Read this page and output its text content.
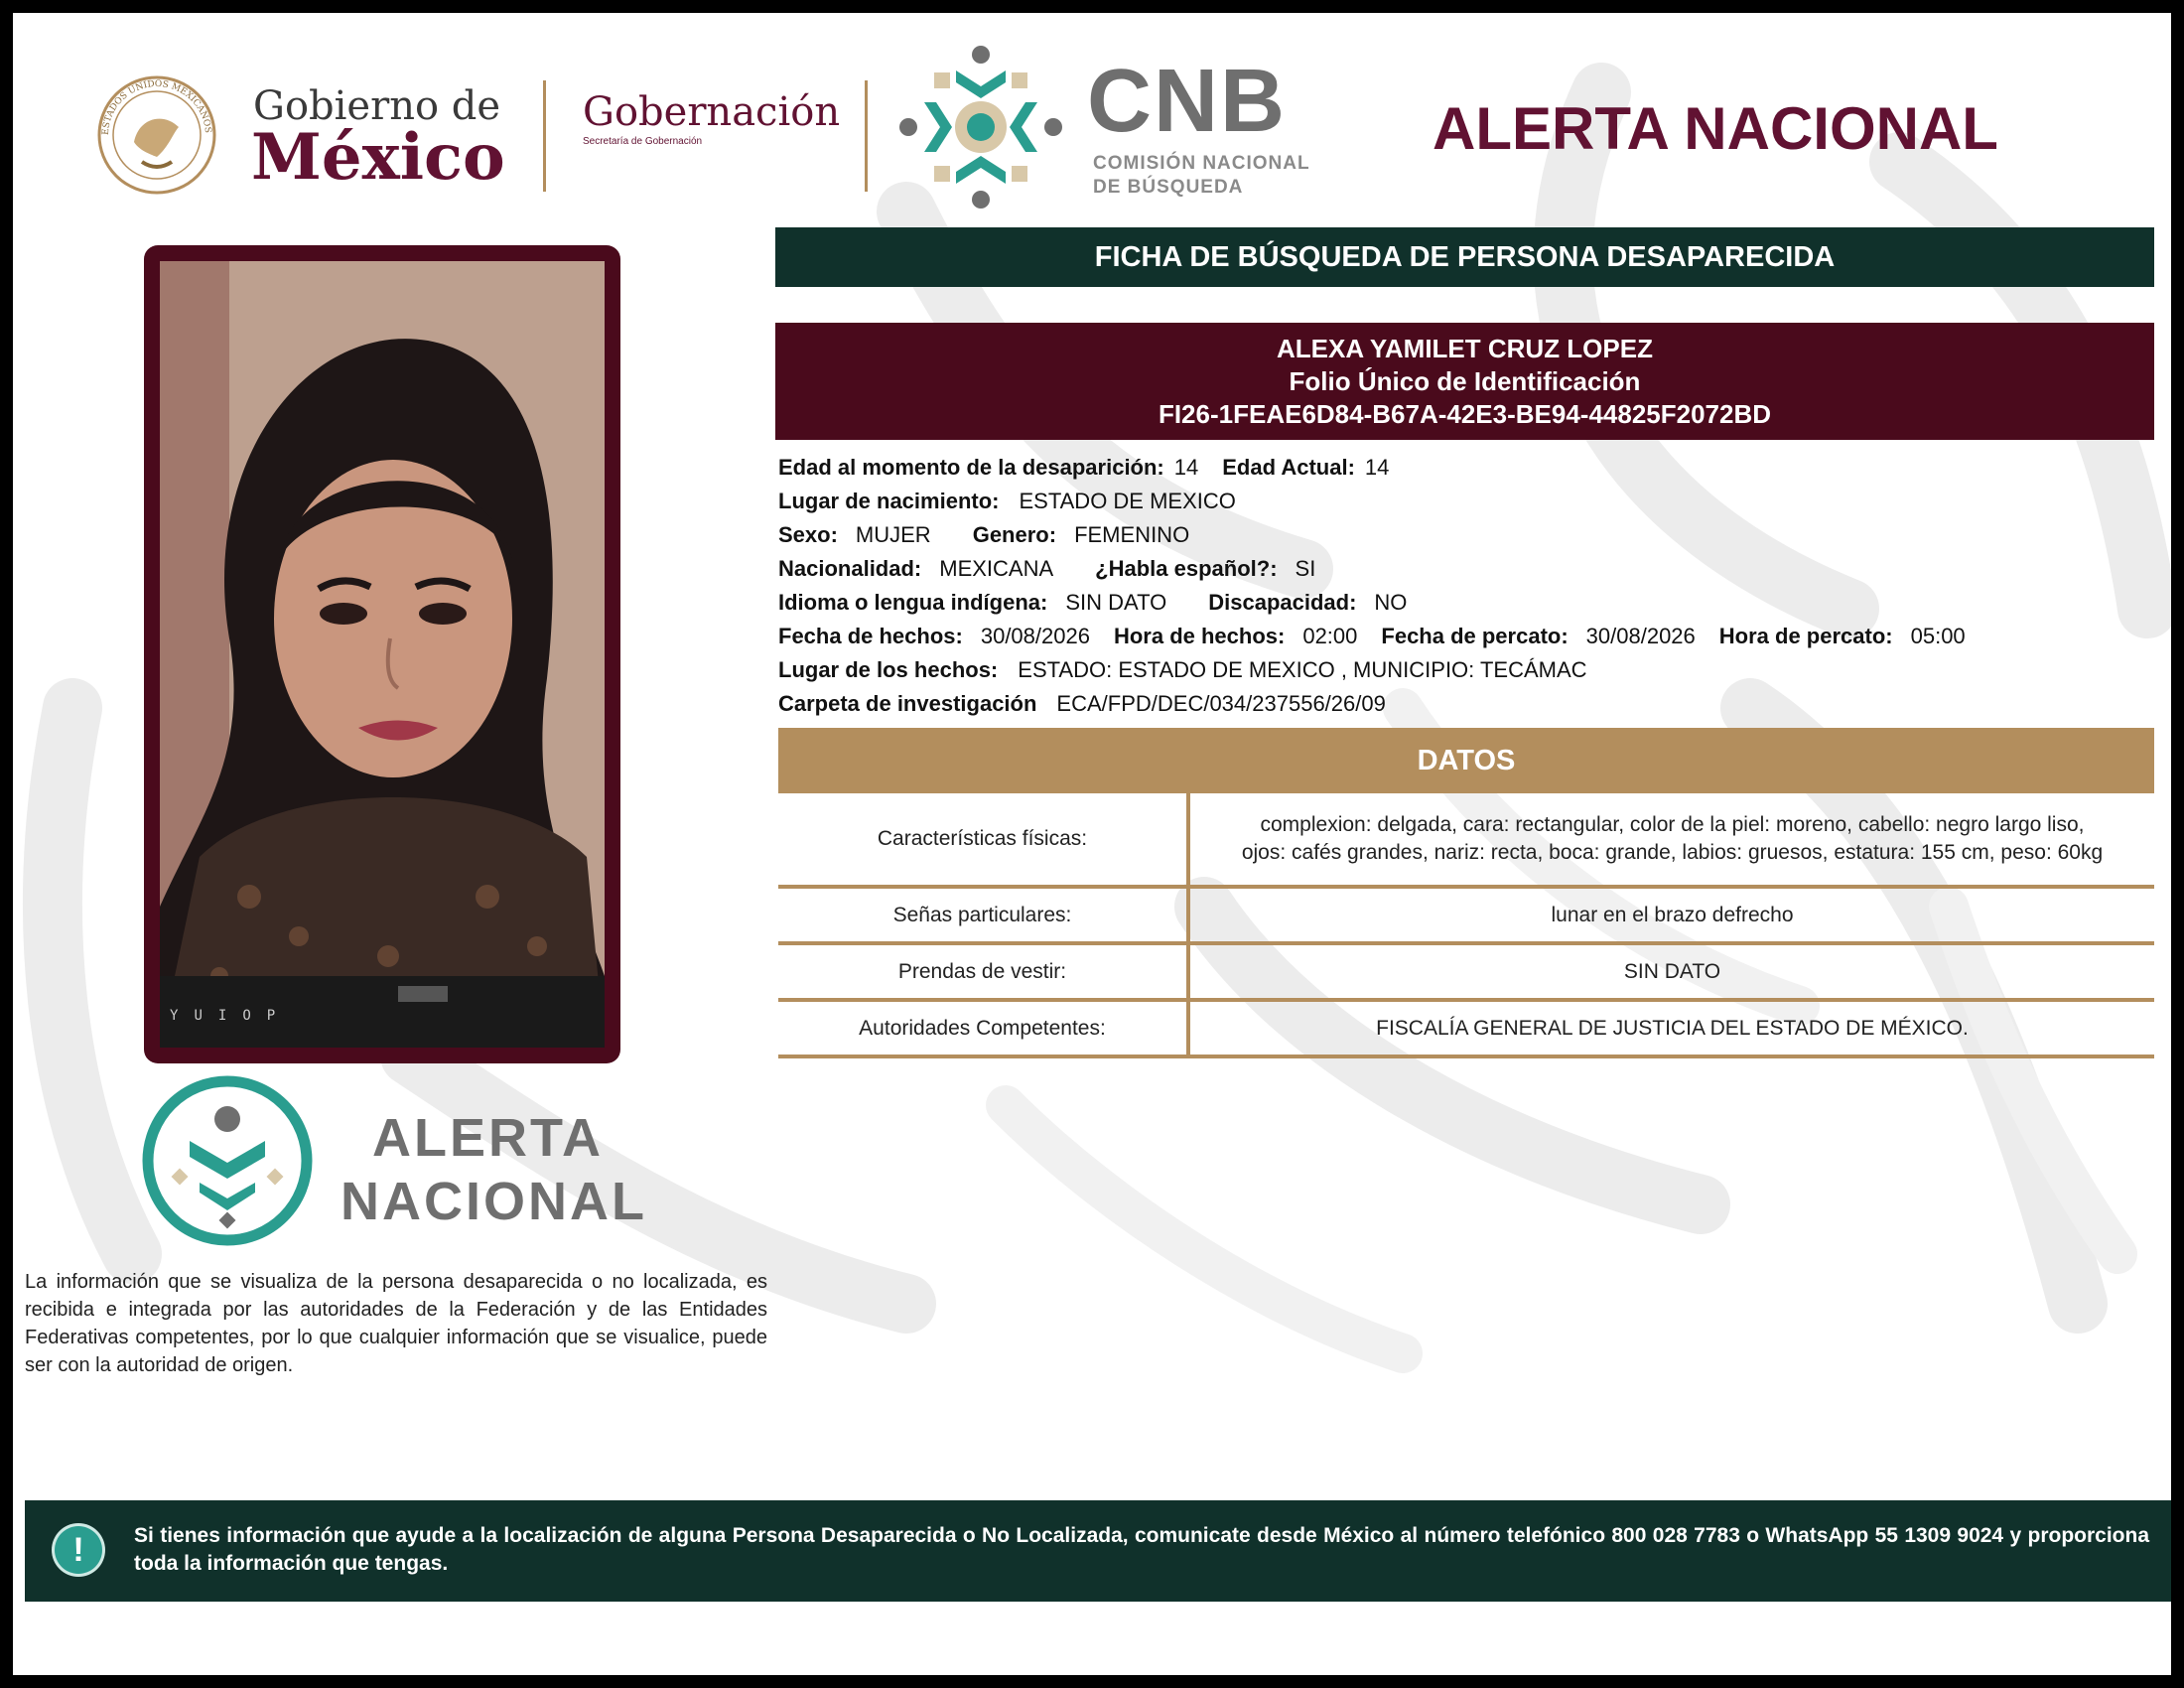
ESTADOS UNIDOS MEXICANOS
Gobierno de
México
Gobernación
Secretaría de Gobernación	CNB
COMISIÓN NACIONAL
DE BÚSQUEDA
ALERTA NACIONAL
Y U I O P
ALERTA
NACIONAL
La información que se visualiza de la persona desaparecida o no localizada, es recibida e integrada por las autoridades de la Federación y de las Entidades Federativas competentes, por lo que cualquier información que se visualice, puede ser con la autoridad de origen.
FICHA DE BÚSQUEDA DE PERSONA DESAPARECIDA
ALEXA YAMILET CRUZ LOPEZ
Folio Único de Identificación
FI26-1FEAE6D84-B67A-42E3-BE94-44825F2072BD
Edad al momento de la desaparición: 14 Edad Actual: 14
Lugar de nacimiento: ESTADO DE MEXICO
Sexo: MUJER Genero: FEMENINO
Nacionalidad: MEXICANA ¿Habla español?: SI
Idioma o lengua indígena: SIN DATO Discapacidad: NO
Fecha de hechos: 30/08/2026 Hora de hechos: 02:00 Fecha de percato: 30/08/2026 Hora de percato: 05:00
Lugar de los hechos: ESTADO: ESTADO DE MEXICO , MUNICIPIO: TECÁMAC
Carpeta de investigación ECA/FPD/DEC/034/237556/26/09
DATOS
Características físicas:	complexion: delgada, cara: rectangular, color de la piel: moreno, cabello: negro largo liso,
ojos: cafés grandes, nariz: recta, boca: grande, labios: gruesos, estatura: 155 cm, peso: 60kg

Señas particulares:	lunar en el brazo defrecho
Prendas de vestir:	SIN DATO
Autoridades Competentes:	FISCALÍA GENERAL DE JUSTICIA DEL ESTADO DE MÉXICO.
!	Si tienes información que ayude a la localización de alguna Persona Desaparecida o No Localizada, comunicate desde México al número telefónico 800 028 7783 o WhatsApp 55 1309 9024 y proporciona toda la información que tengas.
